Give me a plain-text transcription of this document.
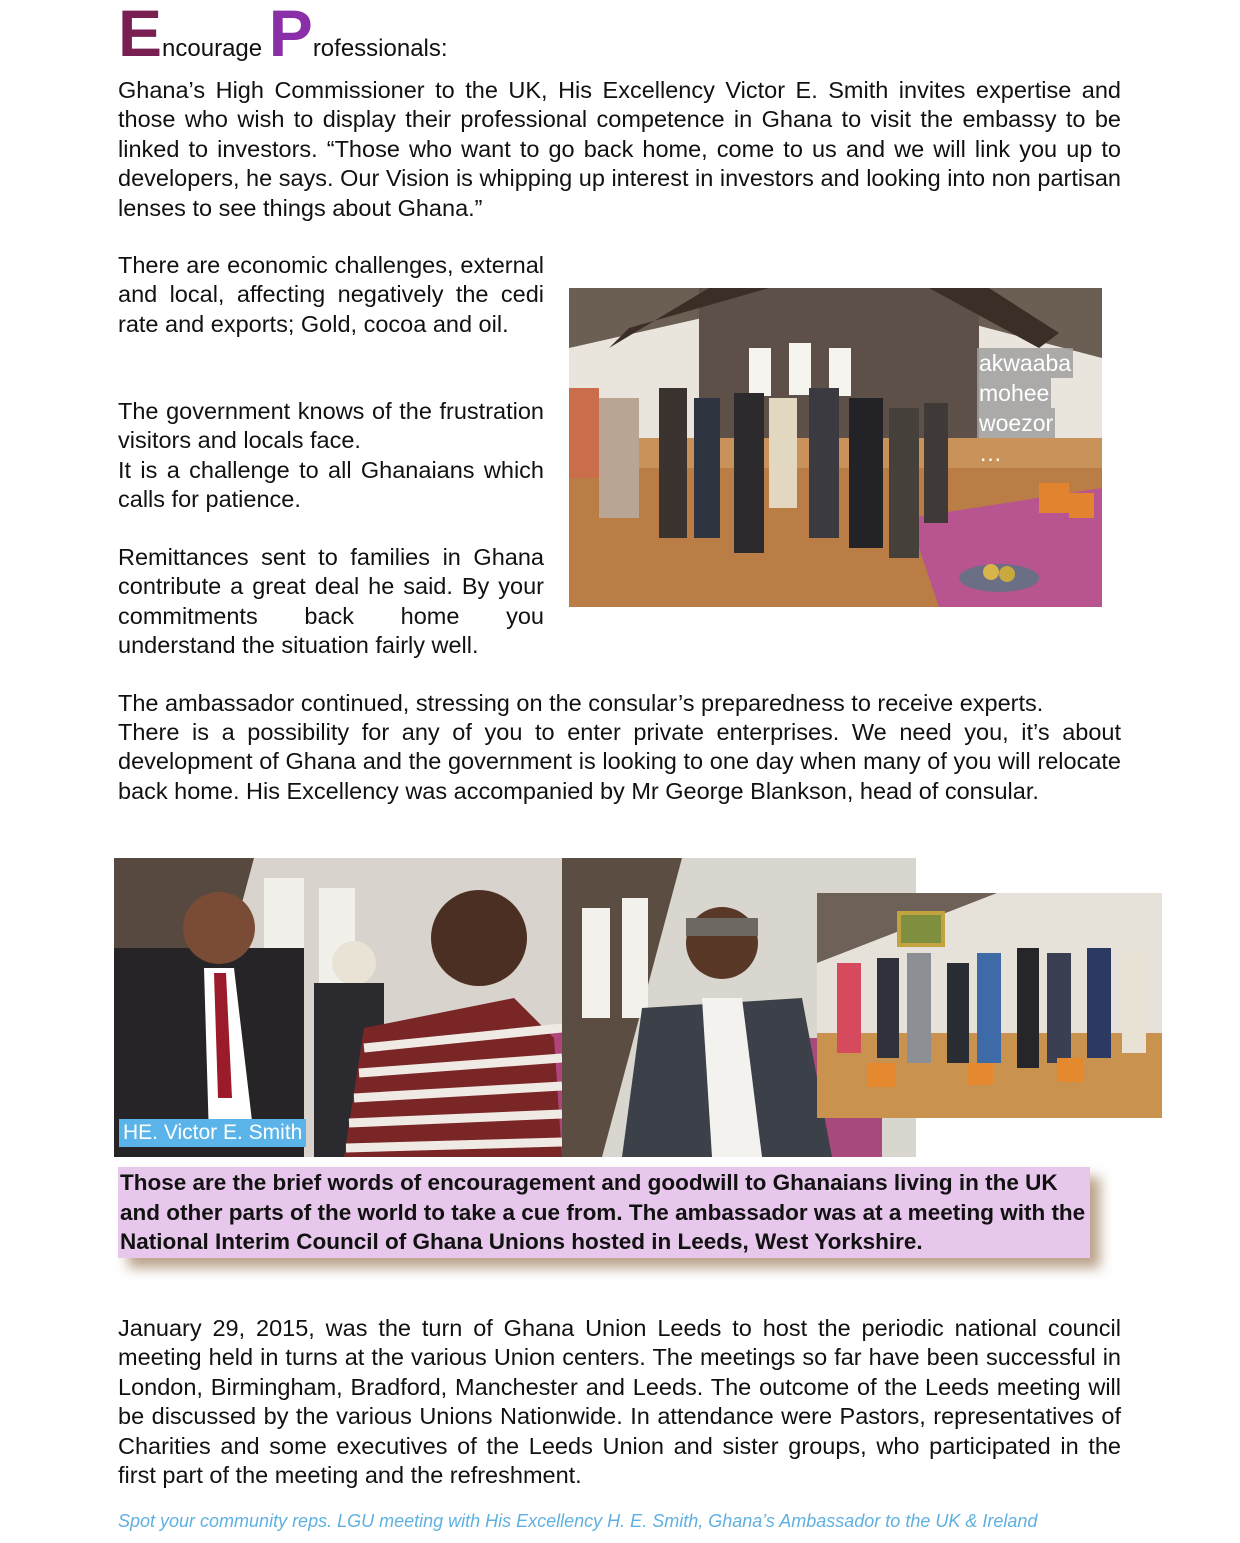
Encourage Professionals:

Ghana’s High Commissioner to the UK, His Excellency Victor E. Smith invites expertise and those who wish to display their professional competence in Ghana to visit the embassy to be linked to investors. “Those who want to go back home, come to us and we will link you up to developers, he says. Our Vision is whipping up interest in investors and looking into non partisan lenses to see things about Ghana.”

There are economic challenges, external and local, affecting negatively the cedi rate and exports; Gold, cocoa and oil.

The government knows of the frustration visitors and locals face.

It is a challenge to all Ghanaians which calls for patience.

Remittances sent to families in Ghana contribute a great deal he said. By your commitments back home you understand the situation fairly well.

akwaaba
mohee
woezor
…

The ambassador continued, stressing on the consular’s preparedness to receive experts.

There is a possibility for any of you to enter private enterprises. We need you, it’s about development of Ghana and the government is looking to one day when many of you will relocate back home. His Excellency was accompanied by Mr George Blankson, head of consular.

HE. Victor E. Smith
Those are the brief words of encouragement and goodwill to Ghanaians living in the UK and other parts of the world to take a cue from. The ambassador was at a meeting with the National Interim Council of Ghana Unions hosted in Leeds, West Yorkshire.

January 29, 2015, was the turn of Ghana Union Leeds to host the periodic national council meeting held in turns at the various Union centers. The meetings so far have been successful in London, Birmingham, Bradford, Manchester and Leeds. The outcome of the Leeds meeting will be discussed by the various Unions Nationwide. In attendance were Pastors, representatives of Charities and some executives of the Leeds Union and sister groups, who participated in the first part of the meeting and the refreshment.

Spot your community reps. LGU meeting with His Excellency H. E. Smith, Ghana’s Ambassador to the UK & Ireland
